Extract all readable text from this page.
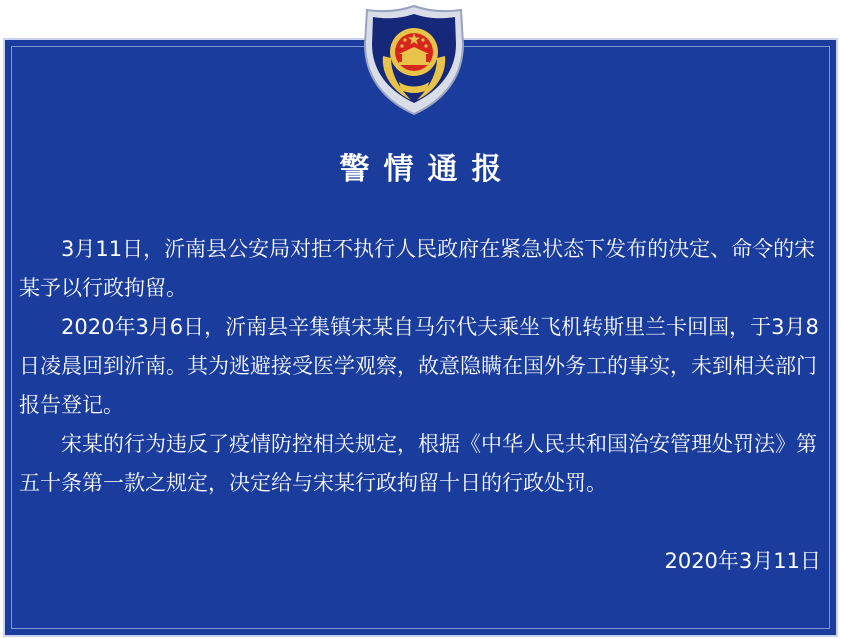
警情通报

3月11日，沂南县公安局对拒不执行人民政府在紧急状态下发布的决定、命令的宋某予以行政拘留。

2020年3月6日，沂南县辛集镇宋某自马尔代夫乘坐飞机转斯里兰卡回国，于3月8日凌晨回到沂南。其为逃避接受医学观察，故意隐瞒在国外务工的事实，未到相关部门报告登记。

宋某的行为违反了疫情防控相关规定，根据《中华人民共和国治安管理处罚法》第五十条第一款之规定，决定给与宋某行政拘留十日的行政处罚。

2020年3月11日
